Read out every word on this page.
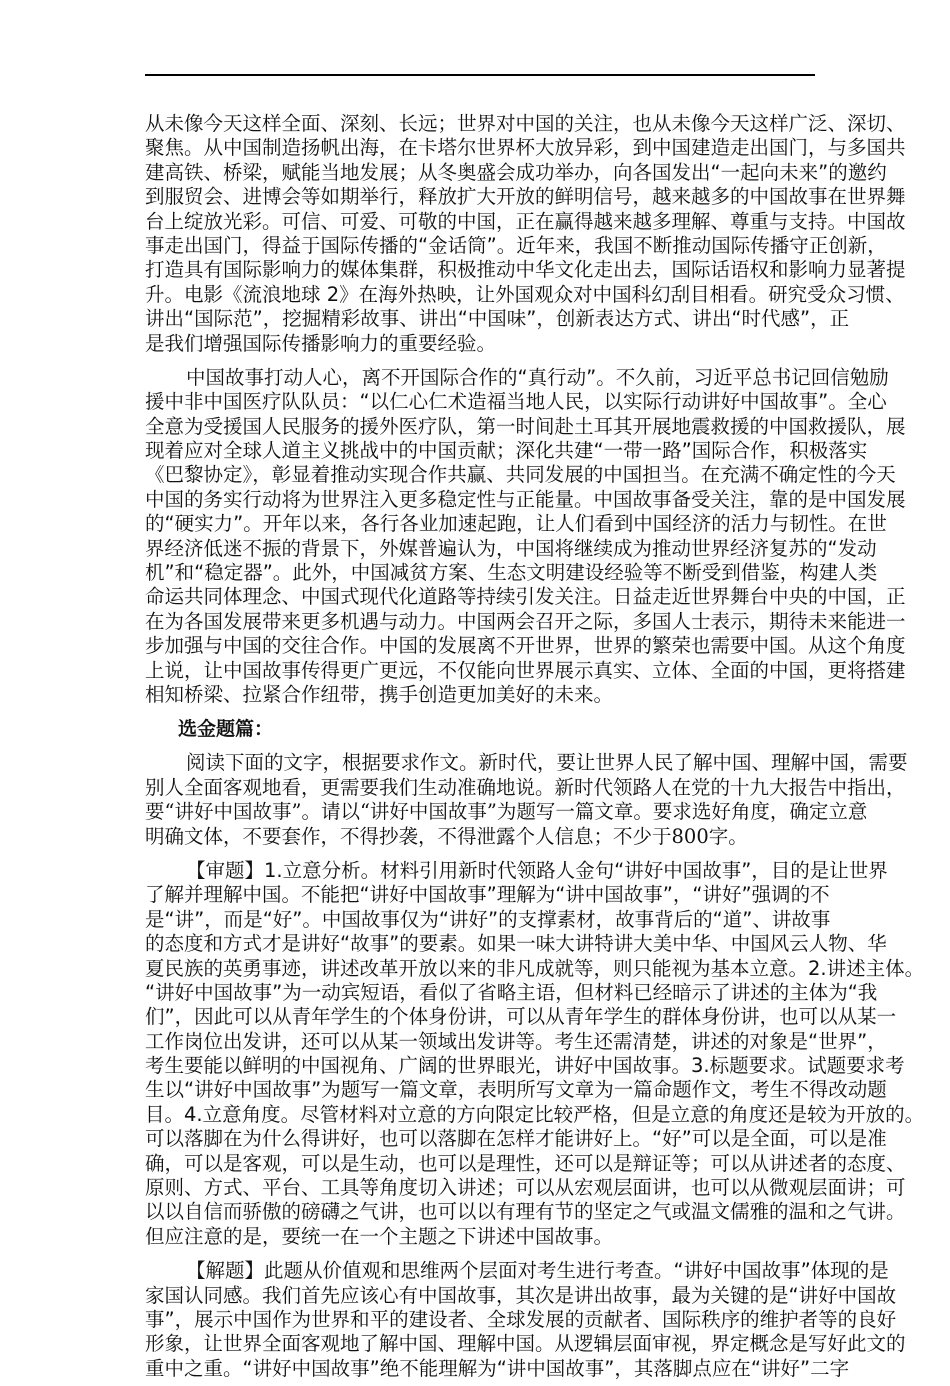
从未像今天这样全面、深刻、长远；世界对中国的关注，也从未像今天这样广泛、深切、
聚焦。从中国制造扬帆出海，在卡塔尔世界杯大放异彩，到中国建造走出国门，与多国共
建高铁、桥梁，赋能当地发展；从冬奥盛会成功举办，向各国发出“一起向未来”的邀约
到服贸会、进博会等如期举行，释放扩大开放的鲜明信号，越来越多的中国故事在世界舞
台上绽放光彩。可信、可爱、可敬的中国，正在赢得越来越多理解、尊重与支持。中国故
事走出国门，得益于国际传播的“金话筒”。近年来，我国不断推动国际传播守正创新，
打造具有国际影响力的媒体集群，积极推动中华文化走出去，国际话语权和影响力显著提
升。电影《流浪地球 2》在海外热映，让外国观众对中国科幻刮目相看。研究受众习惯、
讲出“国际范”，挖掘精彩故事、讲出“中国味”，创新表达方式、讲出“时代感”，正
是我们增强国际传播影响力的重要经验。
中国故事打动人心，离不开国际合作的“真行动”。不久前，习近平总书记回信勉励
援中非中国医疗队队员：“以仁心仁术造福当地人民，以实际行动讲好中国故事”。全心
全意为受援国人民服务的援外医疗队，第一时间赴土耳其开展地震救援的中国救援队，展
现着应对全球人道主义挑战中的中国贡献；深化共建“一带一路”国际合作，积极落实
《巴黎协定》，彰显着推动实现合作共赢、共同发展的中国担当。在充满不确定性的今天
中国的务实行动将为世界注入更多稳定性与正能量。中国故事备受关注，靠的是中国发展
的“硬实力”。开年以来，各行各业加速起跑，让人们看到中国经济的活力与韧性。在世
界经济低迷不振的背景下，外媒普遍认为，中国将继续成为推动世界经济复苏的“发动
机”和“稳定器”。此外，中国减贫方案、生态文明建设经验等不断受到借鉴，构建人类
命运共同体理念、中国式现代化道路等持续引发关注。日益走近世界舞台中央的中国，正
在为各国发展带来更多机遇与动力。中国两会召开之际，多国人士表示，期待未来能进一
步加强与中国的交往合作。中国的发展离不开世界，世界的繁荣也需要中国。从这个角度
上说，让中国故事传得更广更远，不仅能向世界展示真实、立体、全面的中国，更将搭建
相知桥梁、拉紧合作纽带，携手创造更加美好的未来。
选金题篇：
阅读下面的文字，根据要求作文。新时代，要让世界人民了解中国、理解中国，需要
别人全面客观地看，更需要我们生动准确地说。新时代领路人在党的十九大报告中指出，
要“讲好中国故事”。请以“讲好中国故事”为题写一篇文章。要求选好角度，确定立意
明确文体，不要套作，不得抄袭，不得泄露个人信息；不少于800字。
【审题】1.立意分析。材料引用新时代领路人金句“讲好中国故事”，目的是让世界
了解并理解中国。不能把“讲好中国故事”理解为“讲中国故事”，“讲好”强调的不
是“讲”，而是“好”。中国故事仅为“讲好”的支撑素材，故事背后的“道”、讲故事
的态度和方式才是讲好“故事”的要素。如果一味大讲特讲大美中华、中国风云人物、华
夏民族的英勇事迹，讲述改革开放以来的非凡成就等，则只能视为基本立意。2.讲述主体。
“讲好中国故事”为一动宾短语，看似了省略主语，但材料已经暗示了讲述的主体为“我
们”，因此可以从青年学生的个体身份讲，可以从青年学生的群体身份讲，也可以从某一
工作岗位出发讲，还可以从某一领域出发讲等。考生还需清楚，讲述的对象是“世界”，
考生要能以鲜明的中国视角、广阔的世界眼光，讲好中国故事。3.标题要求。试题要求考
生以“讲好中国故事”为题写一篇文章，表明所写文章为一篇命题作文，考生不得改动题
目。4.立意角度。尽管材料对立意的方向限定比较严格，但是立意的角度还是较为开放的。
可以落脚在为什么得讲好，也可以落脚在怎样才能讲好上。“好”可以是全面，可以是准
确，可以是客观，可以是生动，也可以是理性，还可以是辩证等；可以从讲述者的态度、
原则、方式、平台、工具等角度切入讲述；可以从宏观层面讲，也可以从微观层面讲；可
以以自信而骄傲的磅礴之气讲，也可以以有理有节的坚定之气或温文儒雅的温和之气讲。
但应注意的是，要统一在一个主题之下讲述中国故事。
【解题】此题从价值观和思维两个层面对考生进行考查。“讲好中国故事”体现的是
家国认同感。我们首先应该心有中国故事，其次是讲出故事，最为关键的是“讲好中国故
事”，展示中国作为世界和平的建设者、全球发展的贡献者、国际秩序的维护者等的良好
形象，让世界全面客观地了解中国、理解中国。从逻辑层面审视，界定概念是写好此文的
重中之重。“讲好中国故事”绝不能理解为“讲中国故事”，其落脚点应在“讲好”二字
